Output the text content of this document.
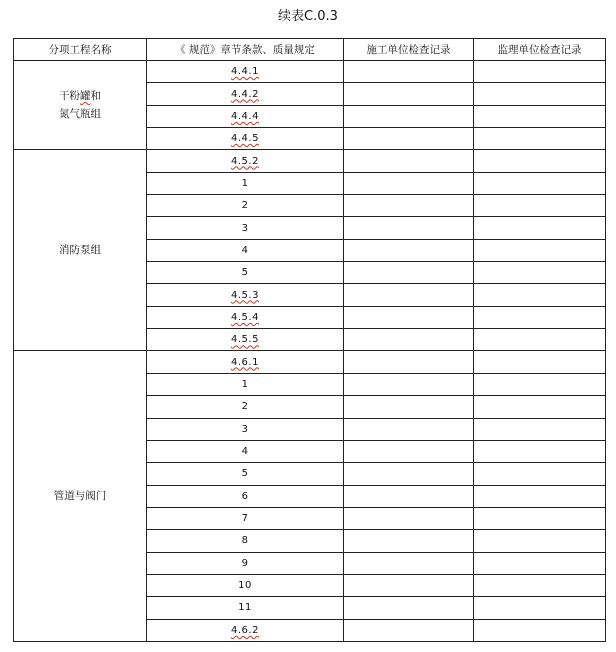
续表C.0.3
分项工程名称	《 规范》章节条款、质量规定	施工单位检查记录	监理单位检查记录

干粉罐和
氮气瓶组	4.4.1		
	4.4.2		
	4.4.4		
	4.4.5		

消防泵组	4.5.2		
	1		
	2		
	3		
	4		
	5		
	4.5.3		
	4.5.4		
	4.5.5		

管道与阀门	4.6.1		
	1		
	2		
	3		
	4		
	5		
	6		
	7		
	8		
	9		
	10		
	11		
	4.6.2		
